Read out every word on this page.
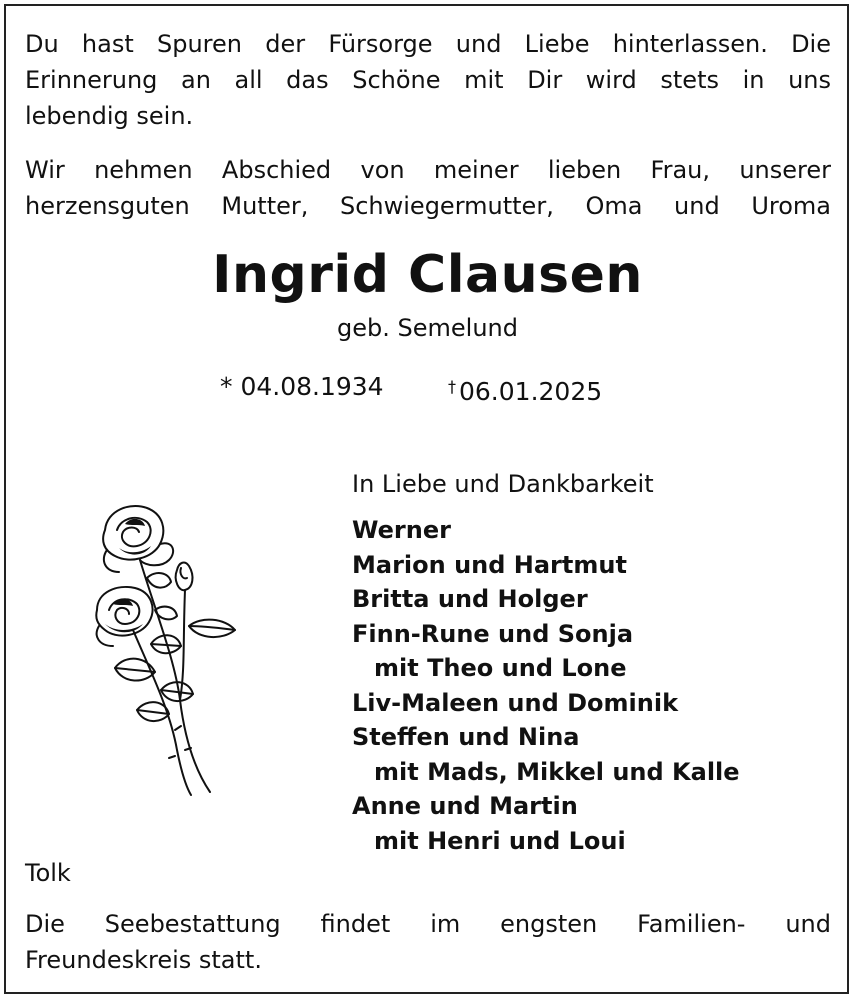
Du hast Spuren der Fürsorge und Liebe hinterlassen. Die
Erinnerung an all das Schöne mit Dir wird stets in uns
lebendig sein.
Wir nehmen Abschied von meiner lieben Frau, unserer
herzensguten Mutter, Schwiegermutter, Oma und Uroma
Ingrid Clausen
geb. Semelund
* 04.08.1934	† 06.01.2025
In Liebe und Dankbarkeit
Werner
Marion und Hartmut
Britta und Holger
Finn-Rune und Sonja
mit Theo und Lone
Liv-Maleen und Dominik
Steffen und Nina
mit Mads, Mikkel und Kalle
Anne und Martin
mit Henri und Loui
Tolk
Die Seebestattung findet im engsten Familien- und
Freundeskreis statt.
